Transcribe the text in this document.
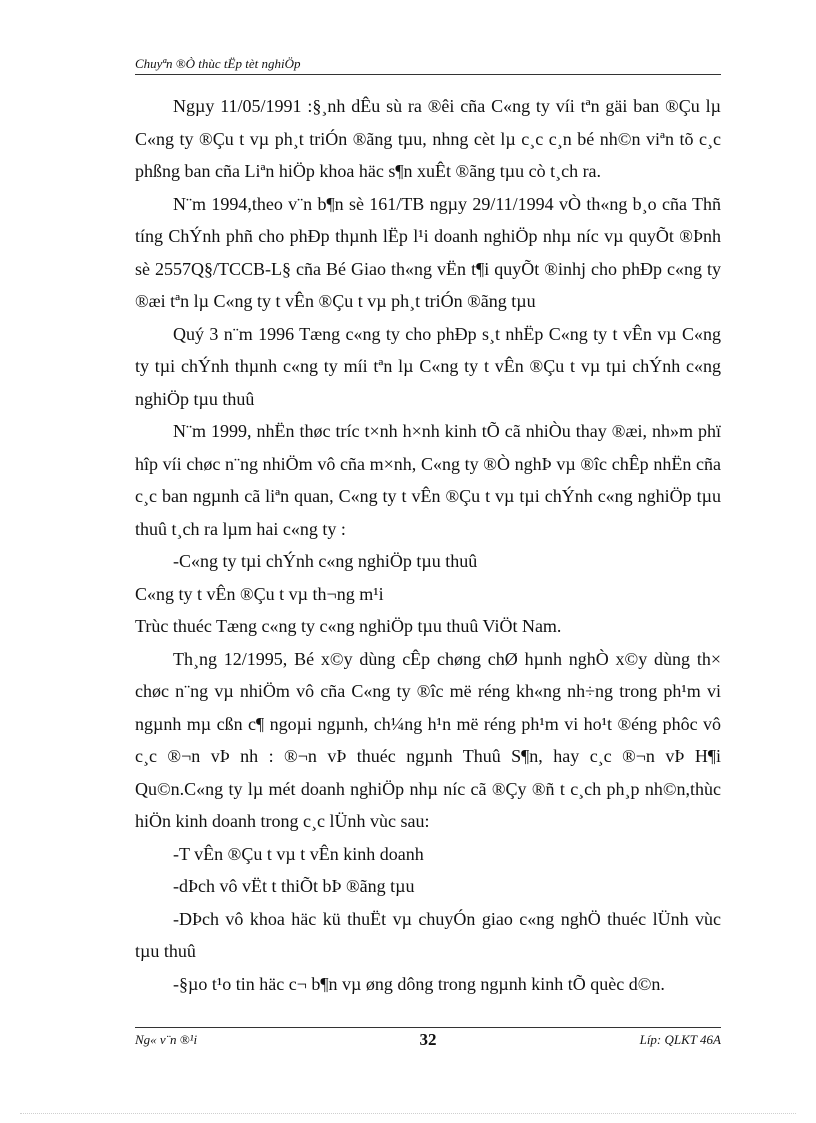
Chuyªn ®Ò thùc tËp tèt nghiÖp

Ngµy 11/05/1991 :§¸nh dÊu sù ra ®êi cña C«ng ty víi tªn gäi ban ®Çu lµ C«ng ty ®Çu t vµ ph¸t triÓn ®ãng tµu, nhng cèt lµ c¸c c¸n bé nh©n viªn tõ c¸c phßng ban cña Liªn hiÖp khoa häc s¶n xuÊt ®ãng tµu cò t¸ch ra.

N¨m 1994,theo v¨n b¶n sè 161/TB ngµy 29/11/1994 vÒ th«ng b¸o cña Thñ tíng ChÝnh phñ cho phÐp thµnh lËp l¹i doanh nghiÖp nhµ níc vµ quyÕt ®Þnh sè 2557Q§/TCCB-L§ cña Bé Giao th«ng vËn t¶i quyÕt ®inhj cho phÐp c«ng ty ®æi tªn lµ C«ng ty t vÊn ®Çu t vµ ph¸t triÓn ®ãng tµu

Quý 3 n¨m 1996 Tæng c«ng ty cho phÐp s¸t nhËp C«ng ty t vÊn vµ C«ng ty tµi chÝnh thµnh c«ng ty míi tªn lµ C«ng ty t vÊn ®Çu t vµ tµi chÝnh c«ng nghiÖp tµu thuû

N¨m 1999, nhËn thøc tríc t×nh h×nh kinh tÕ cã nhiÒu thay ®æi, nh»m phï hîp víi chøc n¨ng nhiÖm vô cña m×nh, C«ng ty ®Ò nghÞ vµ ®îc chÊp nhËn cña c¸c ban ngµnh cã liªn quan, C«ng ty t vÊn ®Çu t vµ tµi chÝnh c«ng nghiÖp tµu thuû t¸ch ra lµm hai c«ng ty :

-C«ng ty tµi chÝnh c«ng nghiÖp tµu thuû

C«ng ty t vÊn ®Çu t vµ th¬ng m¹i

Trùc thuéc Tæng c«ng ty c«ng nghiÖp tµu thuû ViÖt Nam.

Th¸ng 12/1995, Bé x©y dùng cÊp chøng chØ hµnh nghÒ x©y dùng th× chøc n¨ng vµ nhiÖm vô cña C«ng ty ®îc më réng kh«ng nh÷ng trong ph¹m vi ngµnh mµ cßn c¶ ngoµi ngµnh, ch¼ng h¹n më réng ph¹m vi ho¹t ®éng phôc vô c¸c ®¬n vÞ nh : ®¬n vÞ thuéc ngµnh Thuû S¶n, hay c¸c ®¬n vÞ H¶i Qu©n.C«ng ty lµ mét doanh nghiÖp nhµ níc cã ®Çy ®ñ t c¸ch ph¸p nh©n,thùc hiÖn kinh doanh trong c¸c lÜnh vùc sau:

-T vÊn ®Çu t vµ t vÊn kinh doanh

-dÞch vô vËt t thiÕt bÞ ®ãng tµu

-DÞch vô khoa häc kü thuËt vµ chuyÓn giao c«ng nghÖ thuéc lÜnh vùc tµu thuû

-§µo t¹o tin häc c¬ b¶n vµ øng dông trong ngµnh kinh tÕ quèc d©n.

Ng« v¨n ®¹i	32	Líp: QLKT 46A
